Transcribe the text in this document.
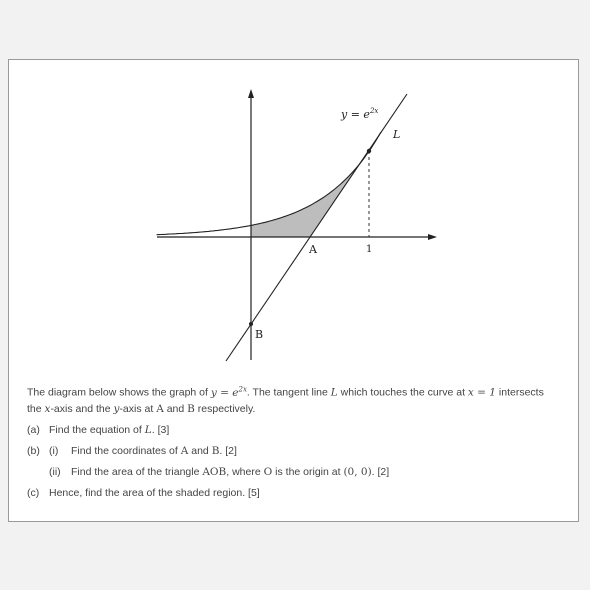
$y = e^{2x}$
L
A
B
1
The diagram below shows the graph of $y = e^{2x}$. The tangent line L which touches the curve at x = 1 intersects
the x-axis and the y-axis at A and B respectively.
(a) Find the equation of L. [3]
(b) (i) Find the coordinates of A and B. [2]
(ii) Find the area of the triangle AOB, where O is the origin at (0, 0). [2]
(c) Hence, find the area of the shaded region. [5]
